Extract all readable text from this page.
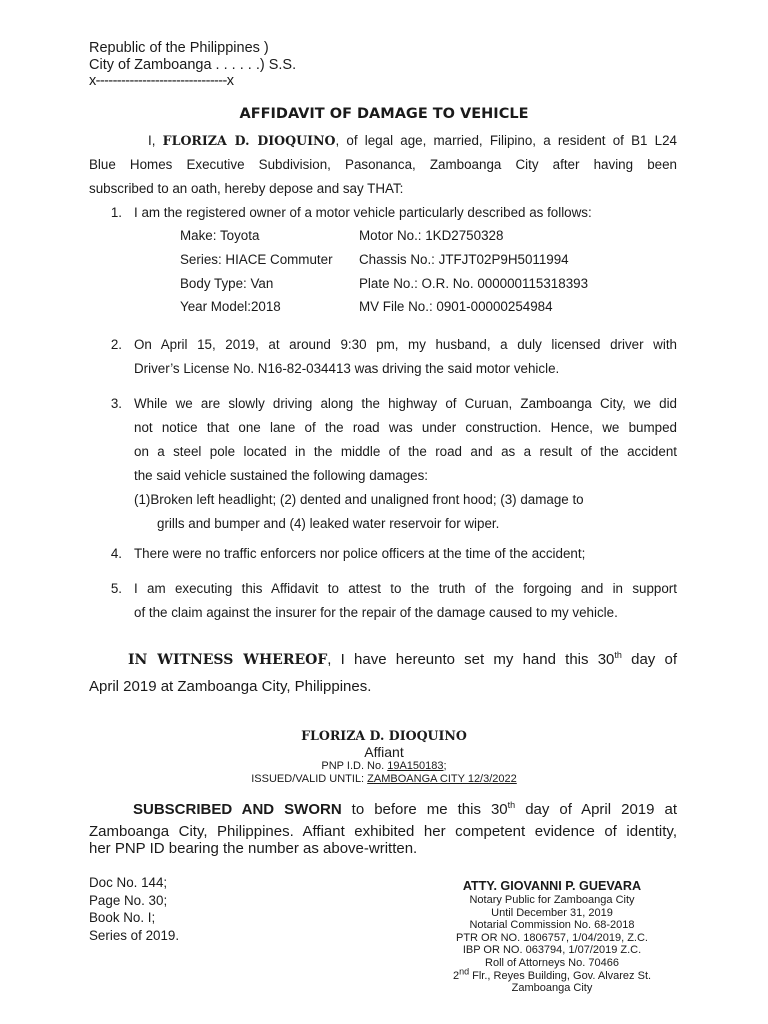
Republic of the Philippines )
City of Zamboanga . . . . . .) S.S.
x-------------------------------x
AFFIDAVIT OF DAMAGE TO VEHICLE
I, FLORIZA D. DIOQUINO, of legal age, married, Filipino, a resident of B1 L24
Blue Homes Executive Subdivision, Pasonanca, Zamboanga City after having been
subscribed to an oath, hereby depose and say THAT:
1. I am the registered owner of a motor vehicle particularly described as follows:
Make: Toyota	Motor No.: 1KD2750328
Series: HIACE Commuter	Chassis No.: JTFJT02P9H5011994
Body Type: Van	Plate No.: O.R. No. 000000115318393
Year Model:2018	MV File No.: 0901-00000254984
2. On April 15, 2019, at around 9:30 pm, my husband, a duly licensed driver with
Driver’s License No. N16-82-034413 was driving the said motor vehicle.
3. While we are slowly driving along the highway of Curuan, Zamboanga City, we did
not notice that one lane of the road was under construction. Hence, we bumped
on a steel pole located in the middle of the road and as a result of the accident
the said vehicle sustained the following damages:
(1)Broken left headlight; (2) dented and unaligned front hood; (3) damage to
grills and bumper and (4) leaked water reservoir for wiper.
4. There were no traffic enforcers nor police officers at the time of the accident;
5. I am executing this Affidavit to attest to the truth of the forgoing and in support
of the claim against the insurer for the repair of the damage caused to my vehicle.
IN WITNESS WHEREOF, I have hereunto set my hand this 30th day of
April 2019 at Zamboanga City, Philippines.
FLORIZA D. DIOQUINO
Affiant
PNP I.D. No. 19A150183;
ISSUED/VALID UNTIL: ZAMBOANGA CITY 12/3/2022
SUBSCRIBED AND SWORN to before me this 30th day of April 2019 at
Zamboanga City, Philippines. Affiant exhibited her competent evidence of identity,
her PNP ID bearing the number as above-written.
Doc No. 144;
Page No. 30;
Book No. I;
Series of 2019.
ATTY. GIOVANNI P. GUEVARA
Notary Public for Zamboanga City
Until December 31, 2019
Notarial Commission No. 68-2018
PTR OR NO. 1806757, 1/04/2019, Z.C.
IBP OR NO. 063794, 1/07/2019 Z.C.
Roll of Attorneys No. 70466
2nd Flr., Reyes Building, Gov. Alvarez St.
Zamboanga City
